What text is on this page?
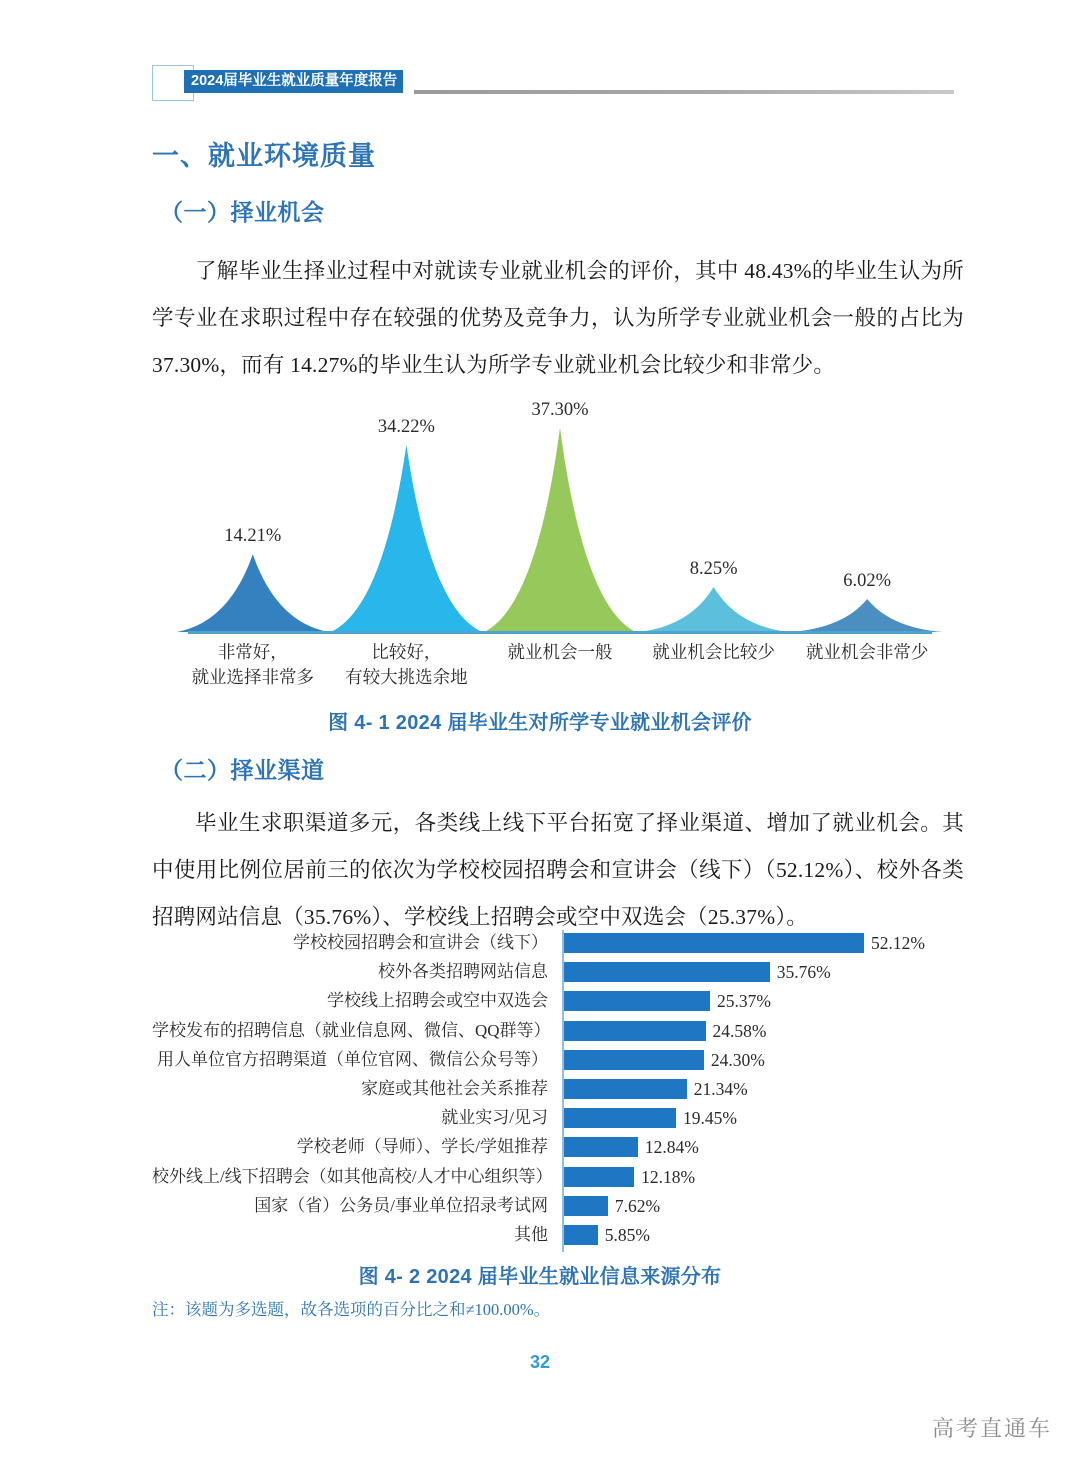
2024届毕业生就业质量年度报告
一、就业环境质量
（一）择业机会
了解毕业生择业过程中对就读专业就业机会的评价，其中 48.43%的毕业生认为所学专业在求职过程中存在较强的优势及竞争力，认为所学专业就业机会一般的占比为 37.30%，而有 14.27%的毕业生认为所学专业就业机会比较少和非常少。
14.21%
34.22%
37.30%
8.25%
6.02%
非常好，
就业选择非常多
比较好，
有较大挑选余地
就业机会一般	就业机会比较少	就业机会非常少
图 4- 1 2024 届毕业生对所学专业就业机会评价
（二）择业渠道
毕业生求职渠道多元，各类线上线下平台拓宽了择业渠道、增加了就业机会。其中使用比例位居前三的依次为学校校园招聘会和宣讲会（线下）（52.12%）、校外各类招聘网站信息（35.76%）、学校线上招聘会或空中双选会（25.37%）。
学校校园招聘会和宣讲会（线下）	52.12%
校外各类招聘网站信息	35.76%
学校线上招聘会或空中双选会	25.37%
学校发布的招聘信息（就业信息网、微信、QQ群等）	24.58%
用人单位官方招聘渠道（单位官网、微信公众号等）	24.30%
家庭或其他社会关系推荐	21.34%
就业实习/见习	19.45%
学校老师（导师）、学长/学姐推荐	12.84%
校外线上/线下招聘会（如其他高校/人才中心组织等）	12.18%
国家（省）公务员/事业单位招录考试网	7.62%
其他	5.85%
图 4- 2 2024 届毕业生就业信息来源分布
注：该题为多选题，故各选项的百分比之和≠100.00%。
32
高考直通车
